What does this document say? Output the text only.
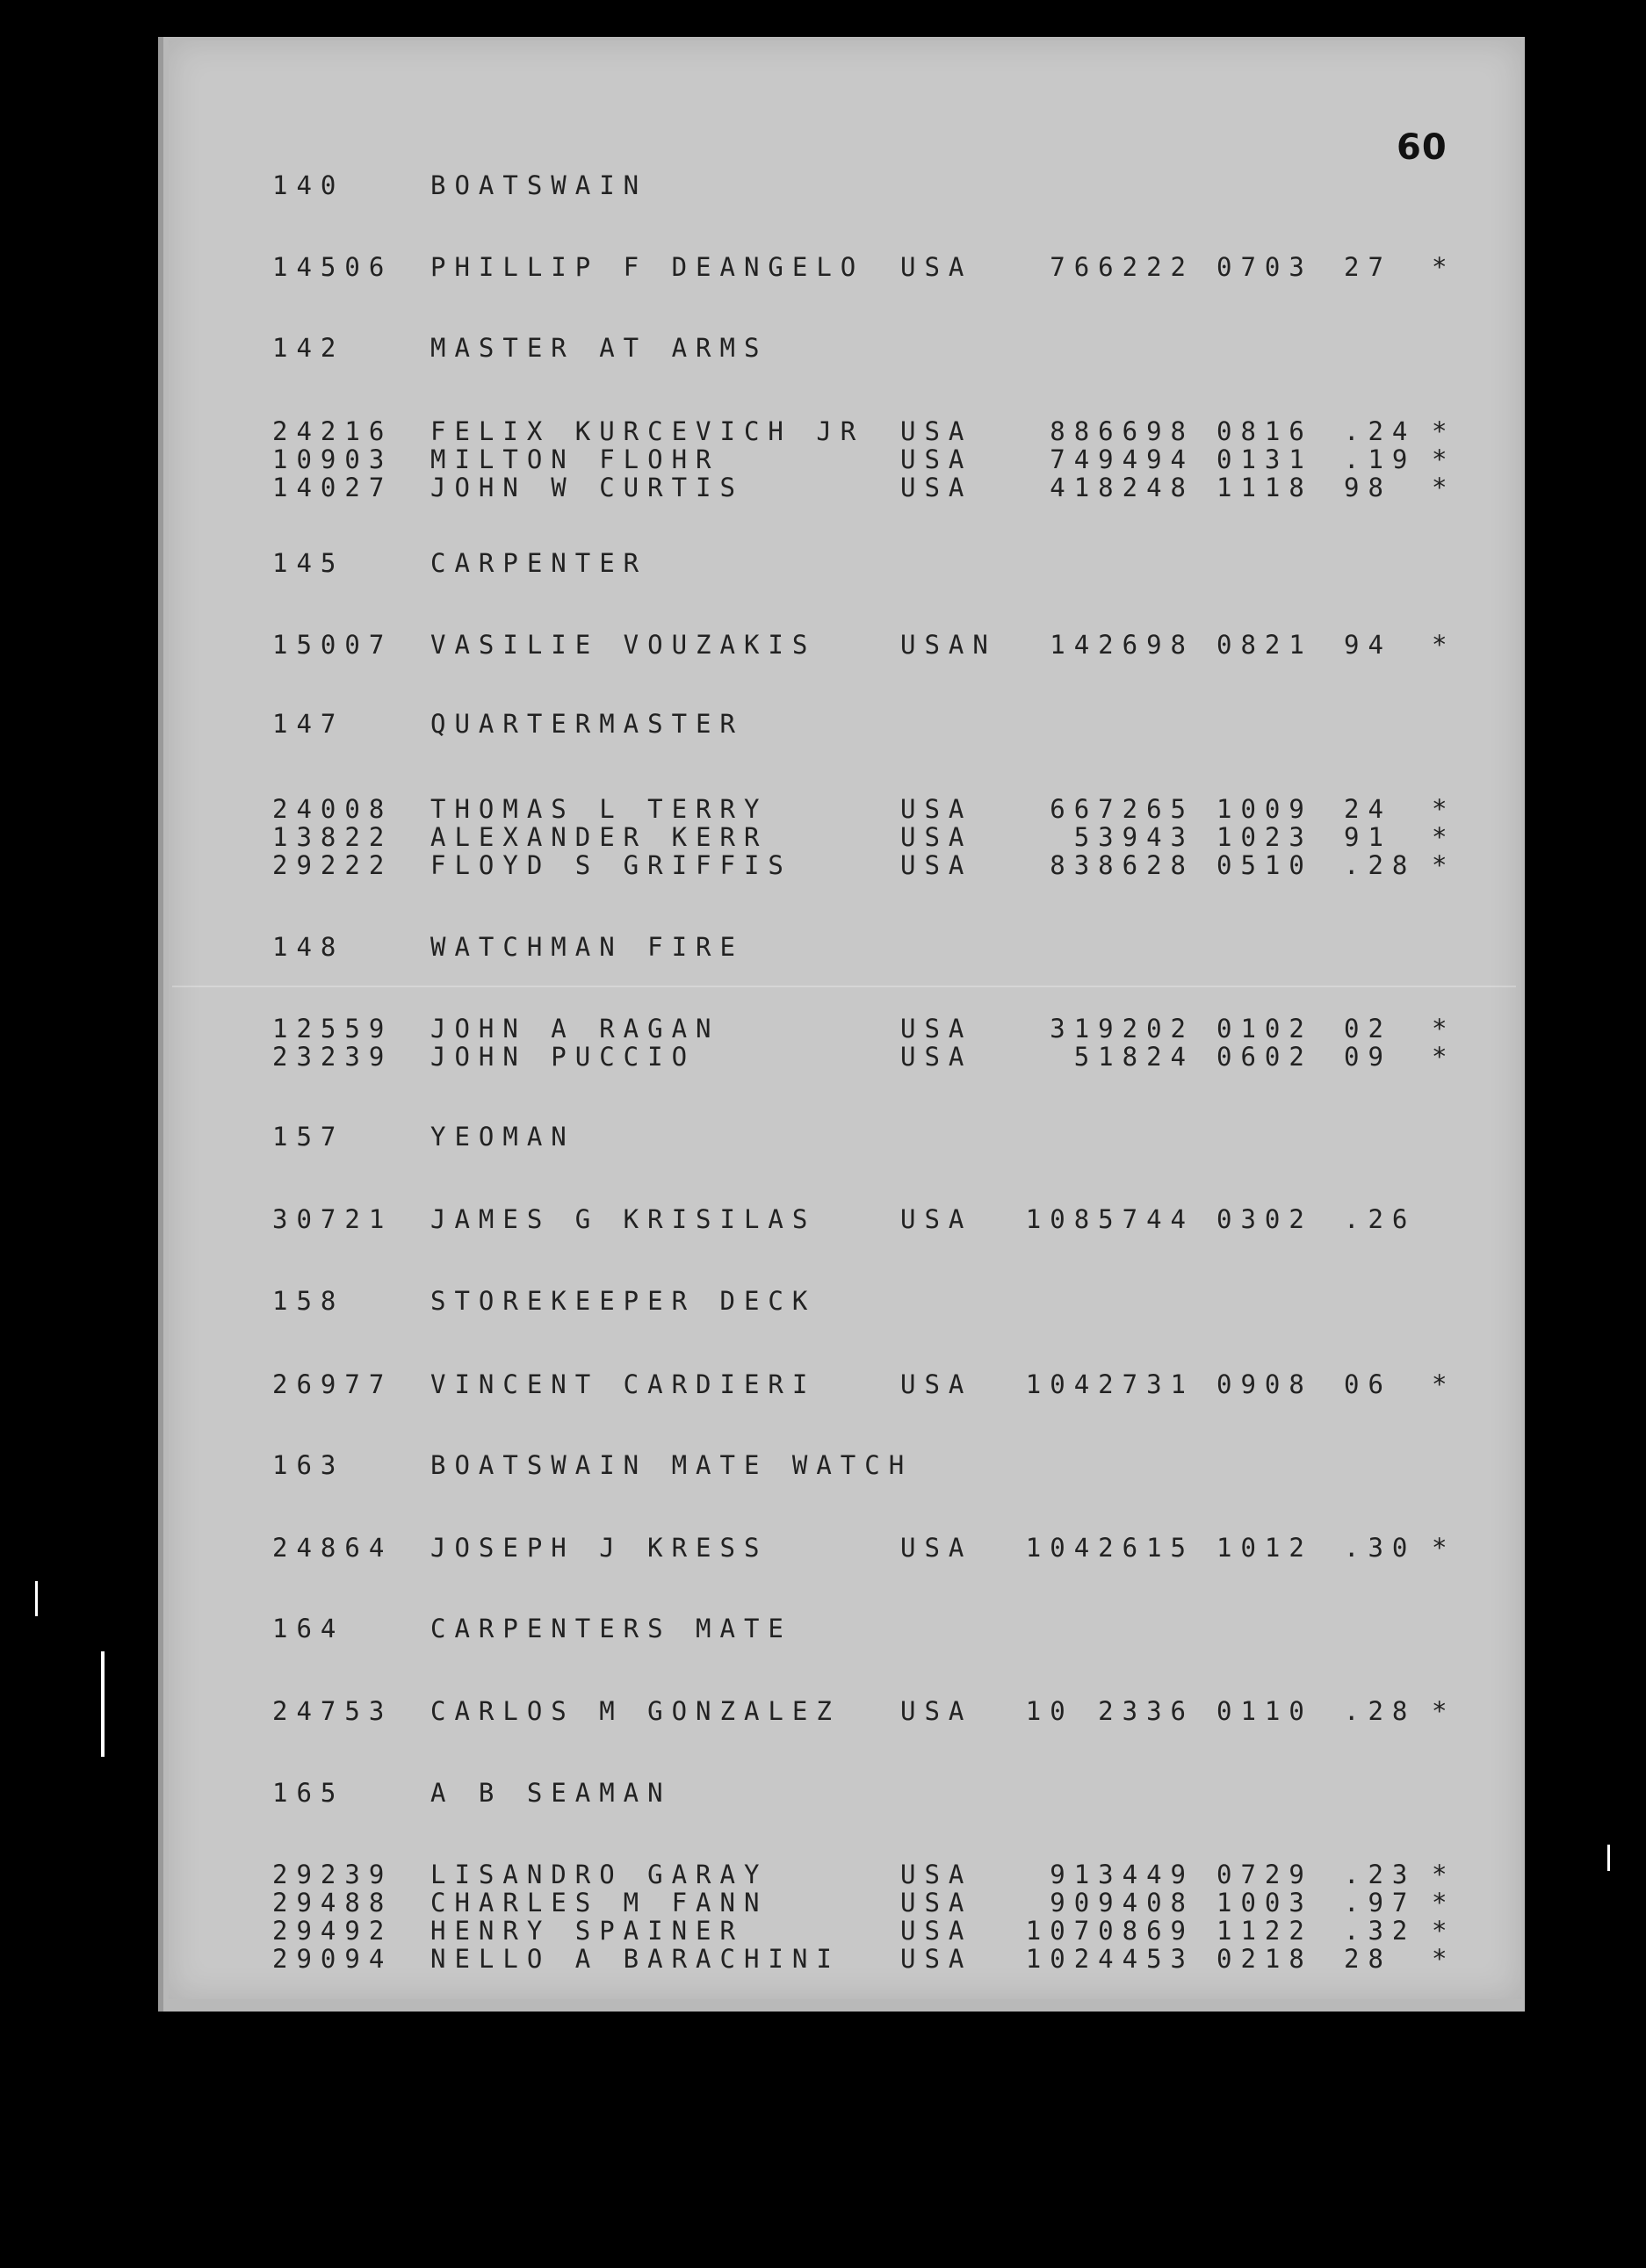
60
140	BOATSWAIN
14506 PHILLIP F DEANGELO USA	766222 0703 27 *
142	MASTER AT ARMS
24216 FELIX KURCEVICH JR USA	886698 0816 .24 *
10903 MILTON FLOHR	USA	749494 0131 .19 *
14027 JOHN W CURTIS	USA	418248 1118 98 *
145	CARPENTER
15007 VASILIE VOUZAKIS	USAN	142698 0821 94 *
147	QUARTERMASTER
24008 THOMAS L TERRY	USA	667265 1009 24 *
13822 ALEXANDER KERR	USA	53943 1023 91 *
29222 FLOYD S GRIFFIS	USA	838628 0510 .28 *
148	WATCHMAN FIRE
12559 JOHN A RAGAN	USA	319202 0102 02 *
23239 JOHN PUCCIO	USA	51824 0602 09 *
157	YEOMAN
30721 JAMES G KRISILAS	USA	1085744 0302 .26
158	STOREKEEPER DECK
26977 VINCENT CARDIERI	USA	1042731 0908 06 *
163	BOATSWAIN MATE WATCH
24864 JOSEPH J KRESS	USA	1042615 1012 .30 *
164	CARPENTERS MATE
24753 CARLOS M GONZALEZ USA	10 2336 0110 .28 *
165	A B SEAMAN
29239 LISANDRO GARAY	USA	913449 0729 .23 *
29488 CHARLES M FANN	USA	909408 1003 .97 *
29492 HENRY SPAINER	USA	1070869 1122 .32 *
29094 NELLO A BARACHINI USA	1024453 0218 28 *
